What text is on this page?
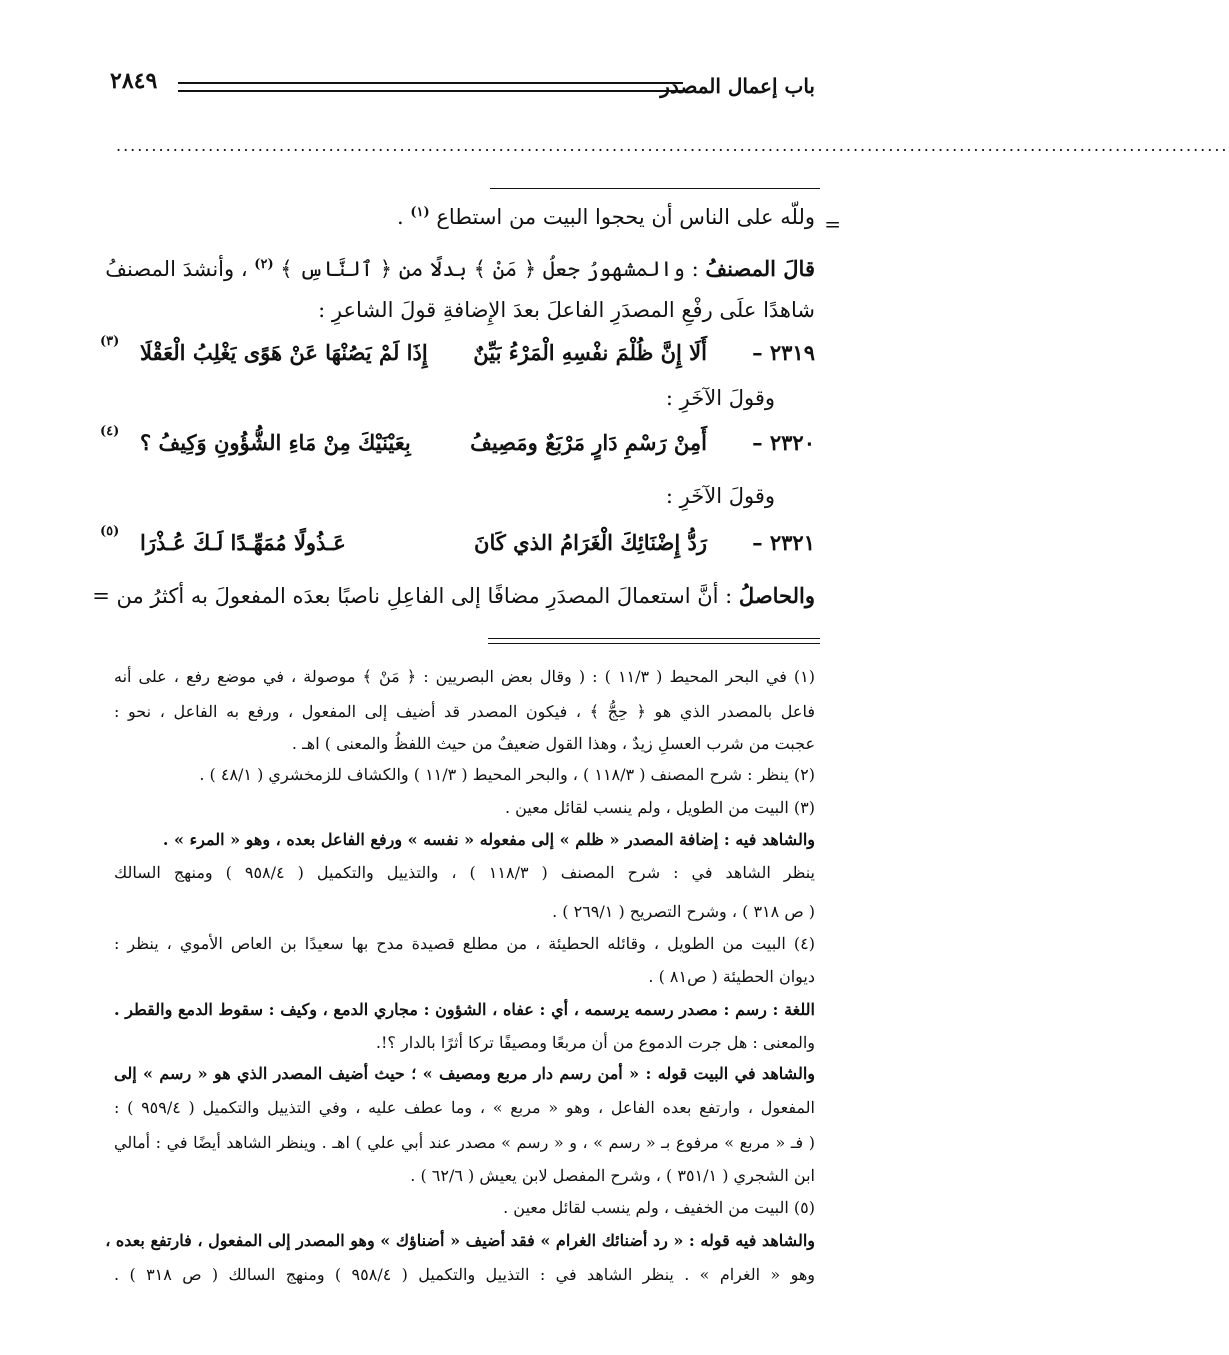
باب إعمال المصدر
٢٨٤٩
.............................................................................................................................................................
=
وللّه على الناس أن يحجوا البيت من استطاع $^{(١)}$ .
قالَ المصنفُ : والمشهورُ جعلُ ﴿ مَنْ ﴾ بدلًا من ﴿ ٱلنَّاسِ ﴾ $^{(٢)}$ ، وأنشدَ المصنفُ
شاهدًا علَى رفْعِ المصدَرِ الفاعلَ بعدَ الإِضافةِ قولَ الشاعرِ :
٢٣١٩ –
أَلَا إِنَّ ظُلْمَ نفْسِهِ الْمَرْءُ بَيِّنٌ
إِذَا لَمْ يَصُنْهَا عَنْ هَوًى يَغْلِبُ الْعَقْلَا
(٣)
وقولَ الآخَرِ :
٢٣٢٠ –
أَمِنْ رَسْمِ دَارٍ مَرْبَعٌ ومَصِيفُ
بِعَيْنَيْكَ مِنْ مَاءِ الشُّؤُونِ وَكِيفُ ؟
(٤)
وقولَ الآخَرِ :
٢٣٢١ –
رَدُّ إِضْنَائِكَ الْغَرَامُ الذي كَانَ
عَـذُولًا مُمَهِّـدًا لَـكَ عُـذْرَا
(٥)
والحاصلُ : أنَّ استعمالَ المصدَرِ مضافًا إلى الفاعِلِ ناصبًا بعدَه المفعولَ به أكثرُ من =
(١) في البحر المحيط ( ١١/٣ ) : ( وقال بعض البصريين : ﴿ مَنْ ﴾ موصولة ، في موضع رفع ، على أنه
فاعل بالمصدر الذي هو ﴿ حِجُّ ﴾ ، فيكون المصدر قد أضيف إلى المفعول ، ورفع به الفاعل ، نحو :
عجبت من شرب العسلِ زيدٌ ، وهذا القول ضعيفٌ من حيث اللفظُ والمعنى ) اهـ .
(٢) ينظر : شرح المصنف ( ١١٨/٣ ) ، والبحر المحيط ( ١١/٣ ) والكشاف للزمخشري ( ٤٨/١ ) .
(٣) البيت من الطويل ، ولم ينسب لقائل معين .
والشاهد فيه : إضافة المصدر « ظلم » إلى مفعوله « نفسه » ورفع الفاعل بعده ، وهو « المرء » .
ينظر الشاهد في : شرح المصنف ( ١١٨/٣ ) ، والتذييل والتكميل ( ٩٥٨/٤ ) ومنهج السالك
( ص ٣١٨ ) ، وشرح التصريح ( ٢٦٩/١ ) .
(٤) البيت من الطويل ، وقائله الحطيئة ، من مطلع قصيدة مدح بها سعيدًا بن العاص الأموي ، ينظر :
ديوان الحطيئة ( ص٨١ ) .
اللغة : رسم : مصدر رسمه يرسمه ، أي : عفاه ، الشؤون : مجاري الدمع ، وكيف : سقوط الدمع والقطر .
والمعنى : هل جرت الدموع من أن مربعًا ومصيفًا تركا أثرًا بالدار ؟!.
والشاهد في البيت قوله : « أمن رسم دار مربع ومصيف » ؛ حيث أضيف المصدر الذي هو « رسم » إلى
المفعول ، وارتفع بعده الفاعل ، وهو « مربع » ، وما عطف عليه ، وفي التذييل والتكميل ( ٩٥٩/٤ ) :
( فـ « مربع » مرفوع بـ « رسم » ، و « رسم » مصدر عند أبي علي ) اهـ . وينظر الشاهد أيضًا في : أمالي
ابن الشجري ( ٣٥١/١ ) ، وشرح المفصل لابن يعيش ( ٦٢/٦ ) .
(٥) البيت من الخفيف ، ولم ينسب لقائل معين .
والشاهد فيه قوله : « رد أضنائك الغرام » فقد أضيف « أضناؤك » وهو المصدر إلى المفعول ، فارتفع بعده ،
وهو « الغرام » . ينظر الشاهد في : التذييل والتكميل ( ٩٥٨/٤ ) ومنهج السالك ( ص ٣١٨ ) .
